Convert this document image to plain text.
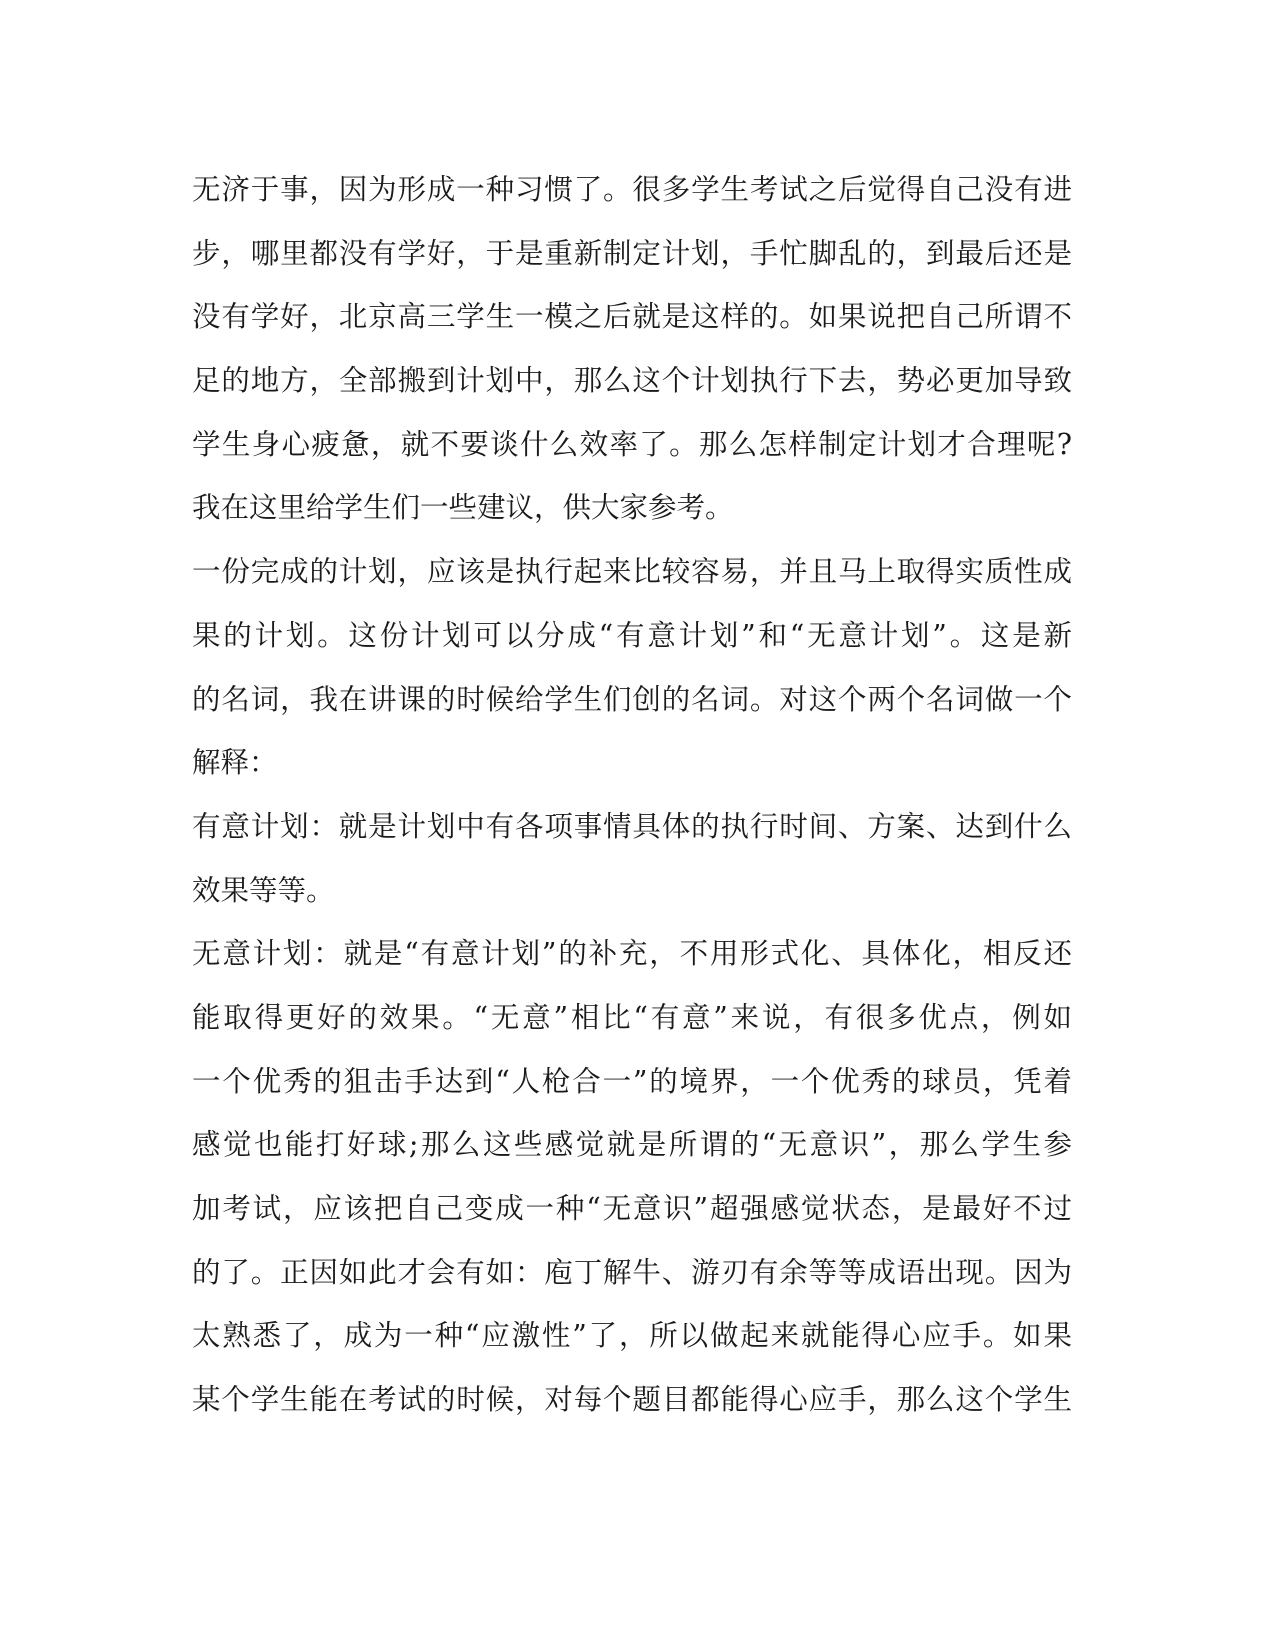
无济于事，因为形成一种习惯了。很多学生考试之后觉得自己没有进
步，哪里都没有学好，于是重新制定计划，手忙脚乱的，到最后还是
没有学好，北京高三学生一模之后就是这样的。如果说把自己所谓不
足的地方，全部搬到计划中，那么这个计划执行下去，势必更加导致
学生身心疲惫，就不要谈什么效率了。那么怎样制定计划才合理呢?
我在这里给学生们一些建议，供大家参考。
一份完成的计划，应该是执行起来比较容易，并且马上取得实质性成
果的计划。这份计划可以分成“有意计划”和“无意计划”。这是新
的名词，我在讲课的时候给学生们创的名词。对这个两个名词做一个
解释：
有意计划：就是计划中有各项事情具体的执行时间、方案、达到什么
效果等等。
无意计划：就是“有意计划”的补充，不用形式化、具体化，相反还
能取得更好的效果。“无意”相比“有意”来说，有很多优点，例如
一个优秀的狙击手达到“人枪合一”的境界，一个优秀的球员，凭着
感觉也能打好球;那么这些感觉就是所谓的“无意识”，那么学生参
加考试，应该把自己变成一种“无意识”超强感觉状态，是最好不过
的了。正因如此才会有如：庖丁解牛、游刃有余等等成语出现。因为
太熟悉了，成为一种“应激性”了，所以做起来就能得心应手。如果
某个学生能在考试的时候，对每个题目都能得心应手，那么这个学生
